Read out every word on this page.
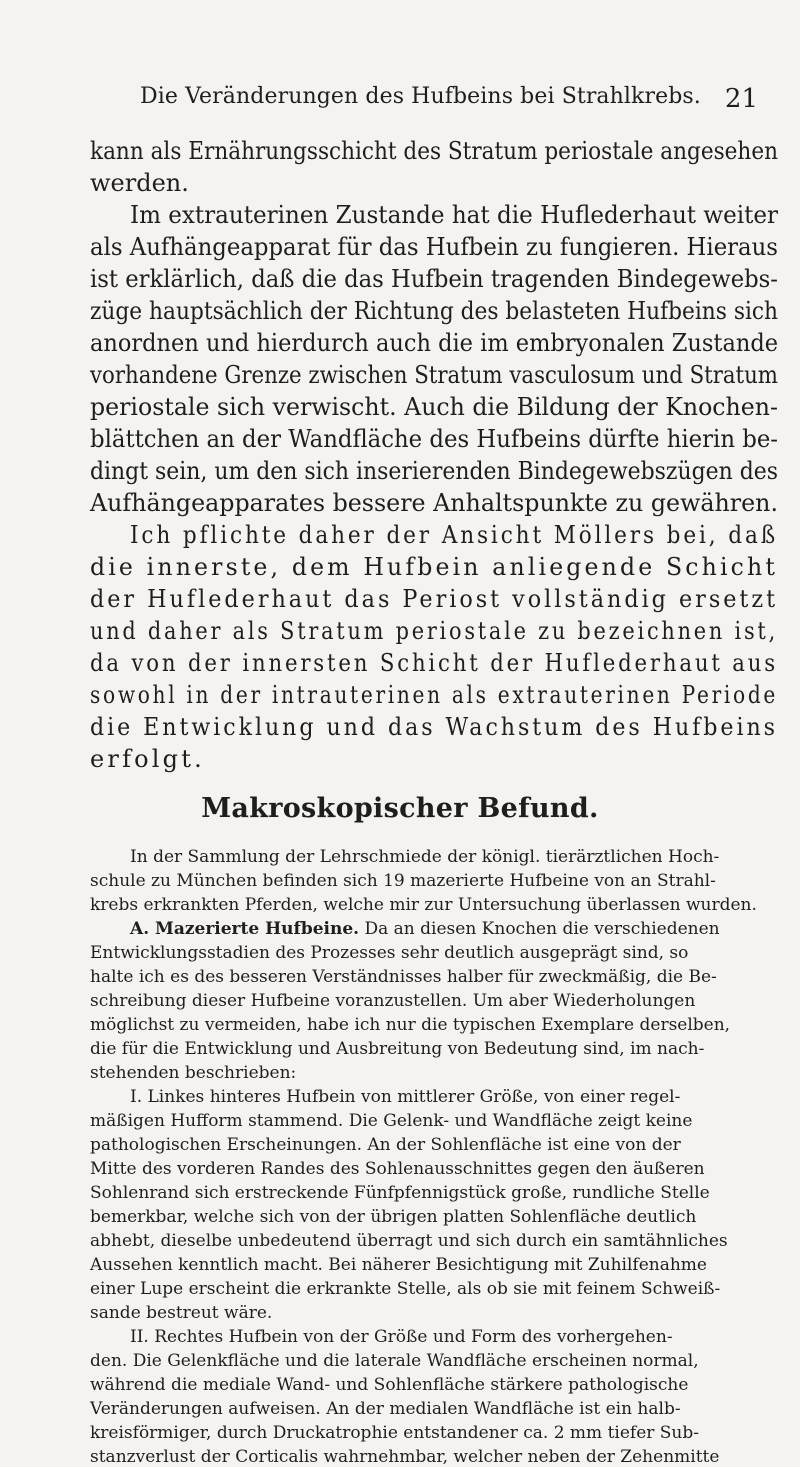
Die Veränderungen des Hufbeins bei Strahlkrebs. 21
kann als Ernährungsschicht des Stratum periostale angesehen
werden.
Im extrauterinen Zustande hat die Huflederhaut weiter
als Aufhängeapparat für das Hufbein zu fungieren. Hieraus
ist erklärlich, daß die das Hufbein tragenden Bindegewebs-
züge hauptsächlich der Richtung des belasteten Hufbeins sich
anordnen und hierdurch auch die im embryonalen Zustande
vorhandene Grenze zwischen Stratum vasculosum und Stratum
periostale sich verwischt. Auch die Bildung der Knochen-
blättchen an der Wandfläche des Hufbeins dürfte hierin be-
dingt sein, um den sich inserierenden Bindegewebszügen des
Aufhängeapparates bessere Anhaltspunkte zu gewähren.
Ich pflichte daher der Ansicht Möllers bei, daß
die innerste, dem Hufbein anliegende Schicht
der Huflederhaut das Periost vollständig ersetzt
und daher als Stratum periostale zu bezeichnen ist,
da von der innersten Schicht der Huflederhaut aus
sowohl in der intrauterinen als extrauterinen Periode
die Entwicklung und das Wachstum des Hufbeins
erfolgt.
Makroskopischer Befund.
In der Sammlung der Lehrschmiede der königl. tierärztlichen Hoch-
schule zu München befinden sich 19 mazerierte Hufbeine von an Strahl-
krebs erkrankten Pferden, welche mir zur Untersuchung überlassen wurden.
A. Mazerierte Hufbeine. Da an diesen Knochen die verschiedenen
Entwicklungsstadien des Prozesses sehr deutlich ausgeprägt sind, so
halte ich es des besseren Verständnisses halber für zweckmäßig, die Be-
schreibung dieser Hufbeine voranzustellen. Um aber Wiederholungen
möglichst zu vermeiden, habe ich nur die typischen Exemplare derselben,
die für die Entwicklung und Ausbreitung von Bedeutung sind, im nach-
stehenden beschrieben:
I. Linkes hinteres Hufbein von mittlerer Größe, von einer regel-
mäßigen Hufform stammend. Die Gelenk- und Wandfläche zeigt keine
pathologischen Erscheinungen. An der Sohlenfläche ist eine von der
Mitte des vorderen Randes des Sohlenausschnittes gegen den äußeren
Sohlenrand sich erstreckende Fünfpfennigstück große, rundliche Stelle
bemerkbar, welche sich von der übrigen platten Sohlenfläche deutlich
abhebt, dieselbe unbedeutend überragt und sich durch ein samtähnliches
Aussehen kenntlich macht. Bei näherer Besichtigung mit Zuhilfenahme
einer Lupe erscheint die erkrankte Stelle, als ob sie mit feinem Schweiß-
sande bestreut wäre.
II. Rechtes Hufbein von der Größe und Form des vorhergehen-
den. Die Gelenkfläche und die laterale Wandfläche erscheinen normal,
während die mediale Wand- und Sohlenfläche stärkere pathologische
Veränderungen aufweisen. An der medialen Wandfläche ist ein halb-
kreisförmiger, durch Druckatrophie entstandener ca. 2 mm tiefer Sub-
stanzverlust der Corticalis wahrnehmbar, welcher neben der Zehenmitte
